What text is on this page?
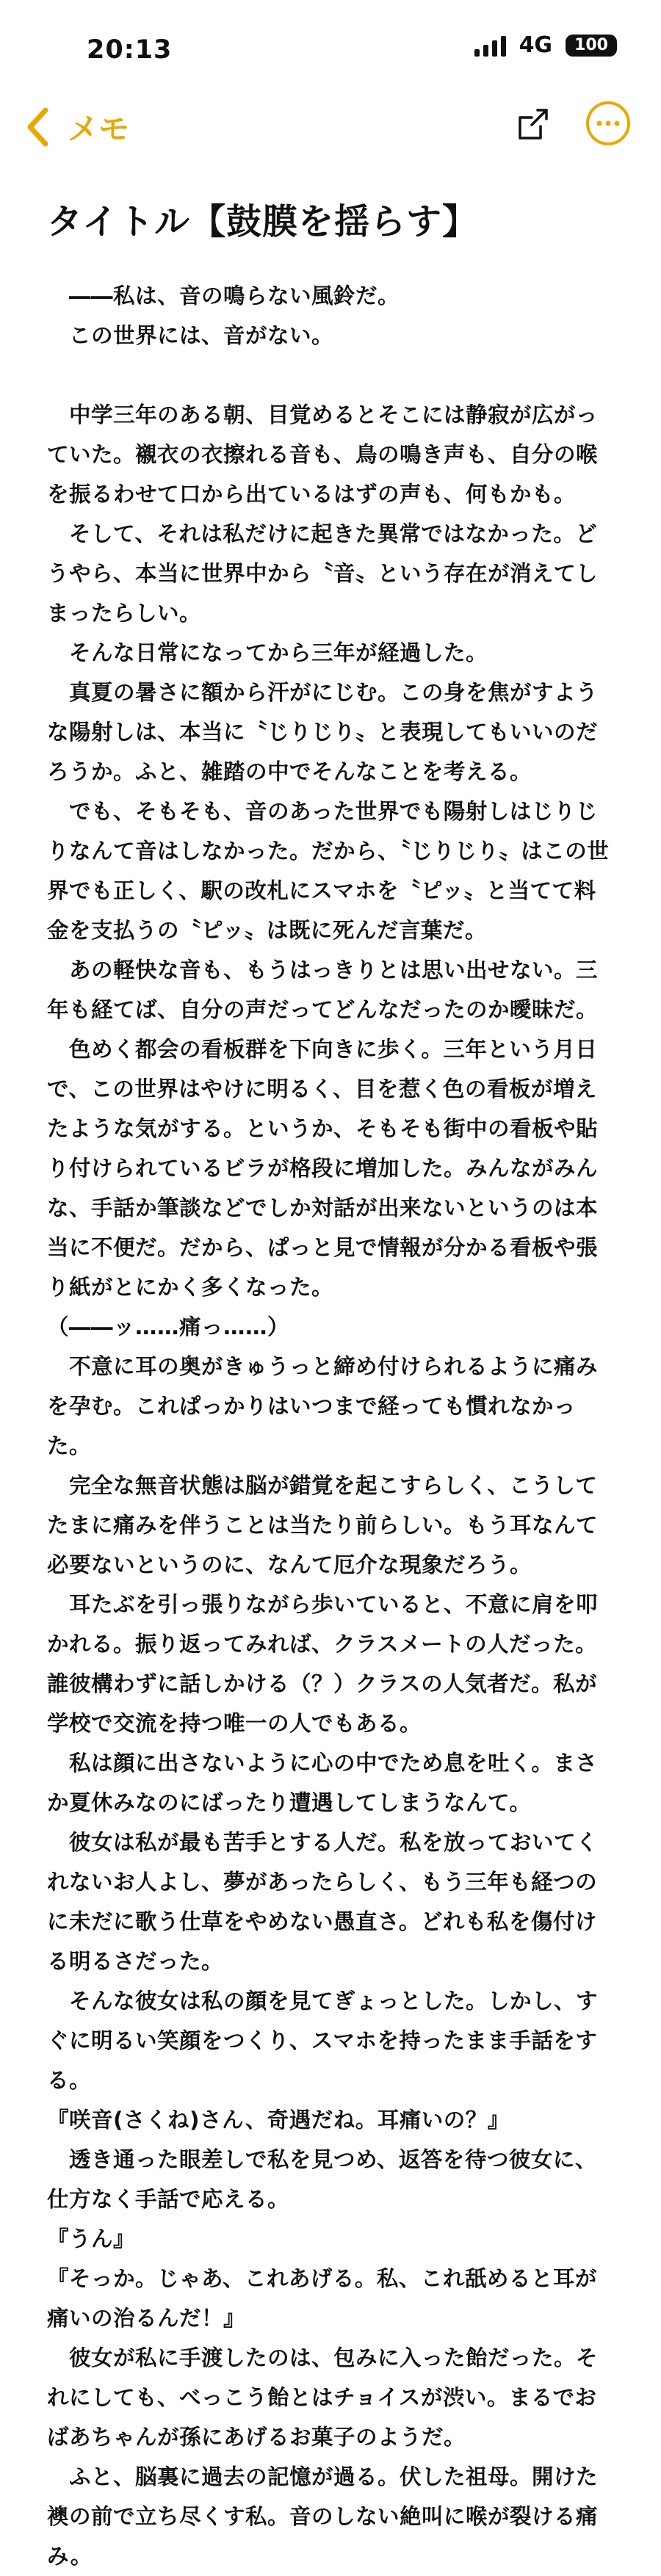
20:13	4G	100
メモ
タイトル【鼓膜を揺らす】

　――私は、音の鳴らない風鈴だ。

　この世界には、音がない。

　中学三年のある朝、目覚めるとそこには静寂が広がっていた。襯衣の衣擦れる音も、鳥の鳴き声も、自分の喉を振るわせて口から出ているはずの声も、何もかも。

　そして、それは私だけに起きた異常ではなかった。どうやら、本当に世界中から〝音〟という存在が消えてしまったらしい。

　そんな日常になってから三年が経過した。

　真夏の暑さに額から汗がにじむ。この身を焦がすような陽射しは、本当に〝じりじり〟と表現してもいいのだろうか。ふと、雑踏の中でそんなことを考える。

　でも、そもそも、音のあった世界でも陽射しはじりじりなんて音はしなかった。だから、〝じりじり〟はこの世界でも正しく、駅の改札にスマホを〝ピッ〟と当てて料金を支払うの〝ピッ〟は既に死んだ言葉だ。

　あの軽快な音も、もうはっきりとは思い出せない。三年も経てば、自分の声だってどんなだったのか曖昧だ。

　色めく都会の看板群を下向きに歩く。三年という月日で、この世界はやけに明るく、目を惹く色の看板が増えたような気がする。というか、そもそも街中の看板や貼り付けられているビラが格段に増加した。みんながみんな、手話か筆談などでしか対話が出来ないというのは本当に不便だ。だから、ぱっと見で情報が分かる看板や張り紙がとにかく多くなった。

（――ッ……痛っ……）

　不意に耳の奥がきゅうっと締め付けられるように痛みを孕む。これぱっかりはいつまで経っても慣れなかった。

　完全な無音状態は脳が錯覚を起こすらしく、こうしてたまに痛みを伴うことは当たり前らしい。もう耳なんて必要ないというのに、なんて厄介な現象だろう。

　耳たぶを引っ張りながら歩いていると、不意に肩を叩かれる。振り返ってみれば、クラスメートの人だった。誰彼構わずに話しかける（？）クラスの人気者だ。私が学校で交流を持つ唯一の人でもある。

　私は顔に出さないように心の中でため息を吐く。まさか夏休みなのにばったり遭遇してしまうなんて。

　彼女は私が最も苦手とする人だ。私を放っておいてくれないお人よし、夢があったらしく、もう三年も経つのに未だに歌う仕草をやめない愚直さ。どれも私を傷付ける明るさだった。

　そんな彼女は私の顔を見てぎょっとした。しかし、すぐに明るい笑顔をつくり、スマホを持ったまま手話をする。

『咲音(さくね)さん、奇遇だね。耳痛いの？』

　透き通った眼差しで私を見つめ、返答を待つ彼女に、仕方なく手話で応える。

『うん』

『そっか。じゃあ、これあげる。私、これ舐めると耳が痛いの治るんだ！』

　彼女が私に手渡したのは、包みに入った飴だった。それにしても、べっこう飴とはチョイスが渋い。まるでおばあちゃんが孫にあげるお菓子のようだ。

　ふと、脳裏に過去の記憶が過る。伏した祖母。開けた襖の前で立ち尽くす私。音のしない絶叫に喉が裂ける痛み。
